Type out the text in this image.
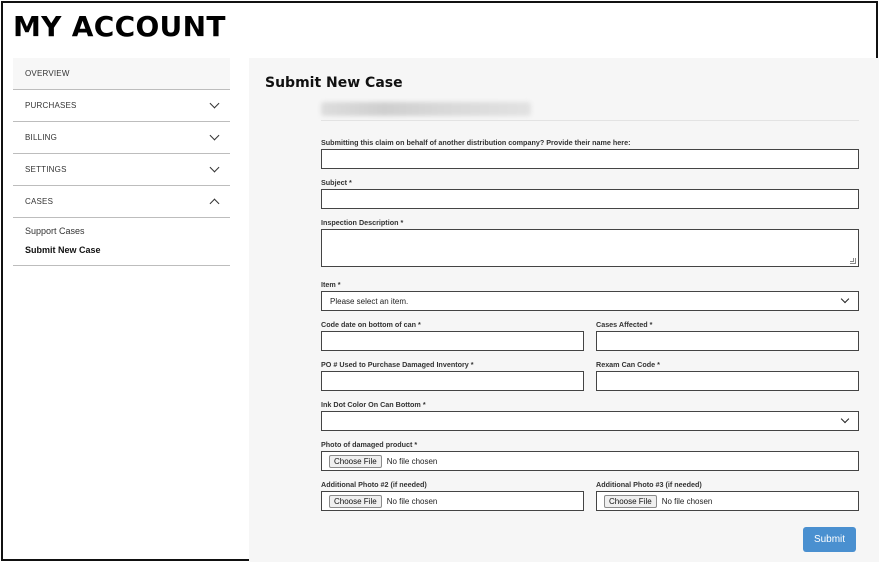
MY ACCOUNT
OVERVIEW
PURCHASES
BILLING
SETTINGS
CASES
Support Cases
Submit New Case
Submit New Case
Submitting this claim on behalf of another distribution company? Provide their name here:
Subject *
Inspection Description *
Item *
Please select an item.
Code date on bottom of can *	Cases Affected *
PO # Used to Purchase Damaged Inventory *	Rexam Can Code *
Ink Dot Color On Can Bottom *
Photo of damaged product *
Choose File	No file chosen
Additional Photo #2 (if needed)
Choose File	No file chosen
Additional Photo #3 (if needed)
Choose File	No file chosen
Submit
